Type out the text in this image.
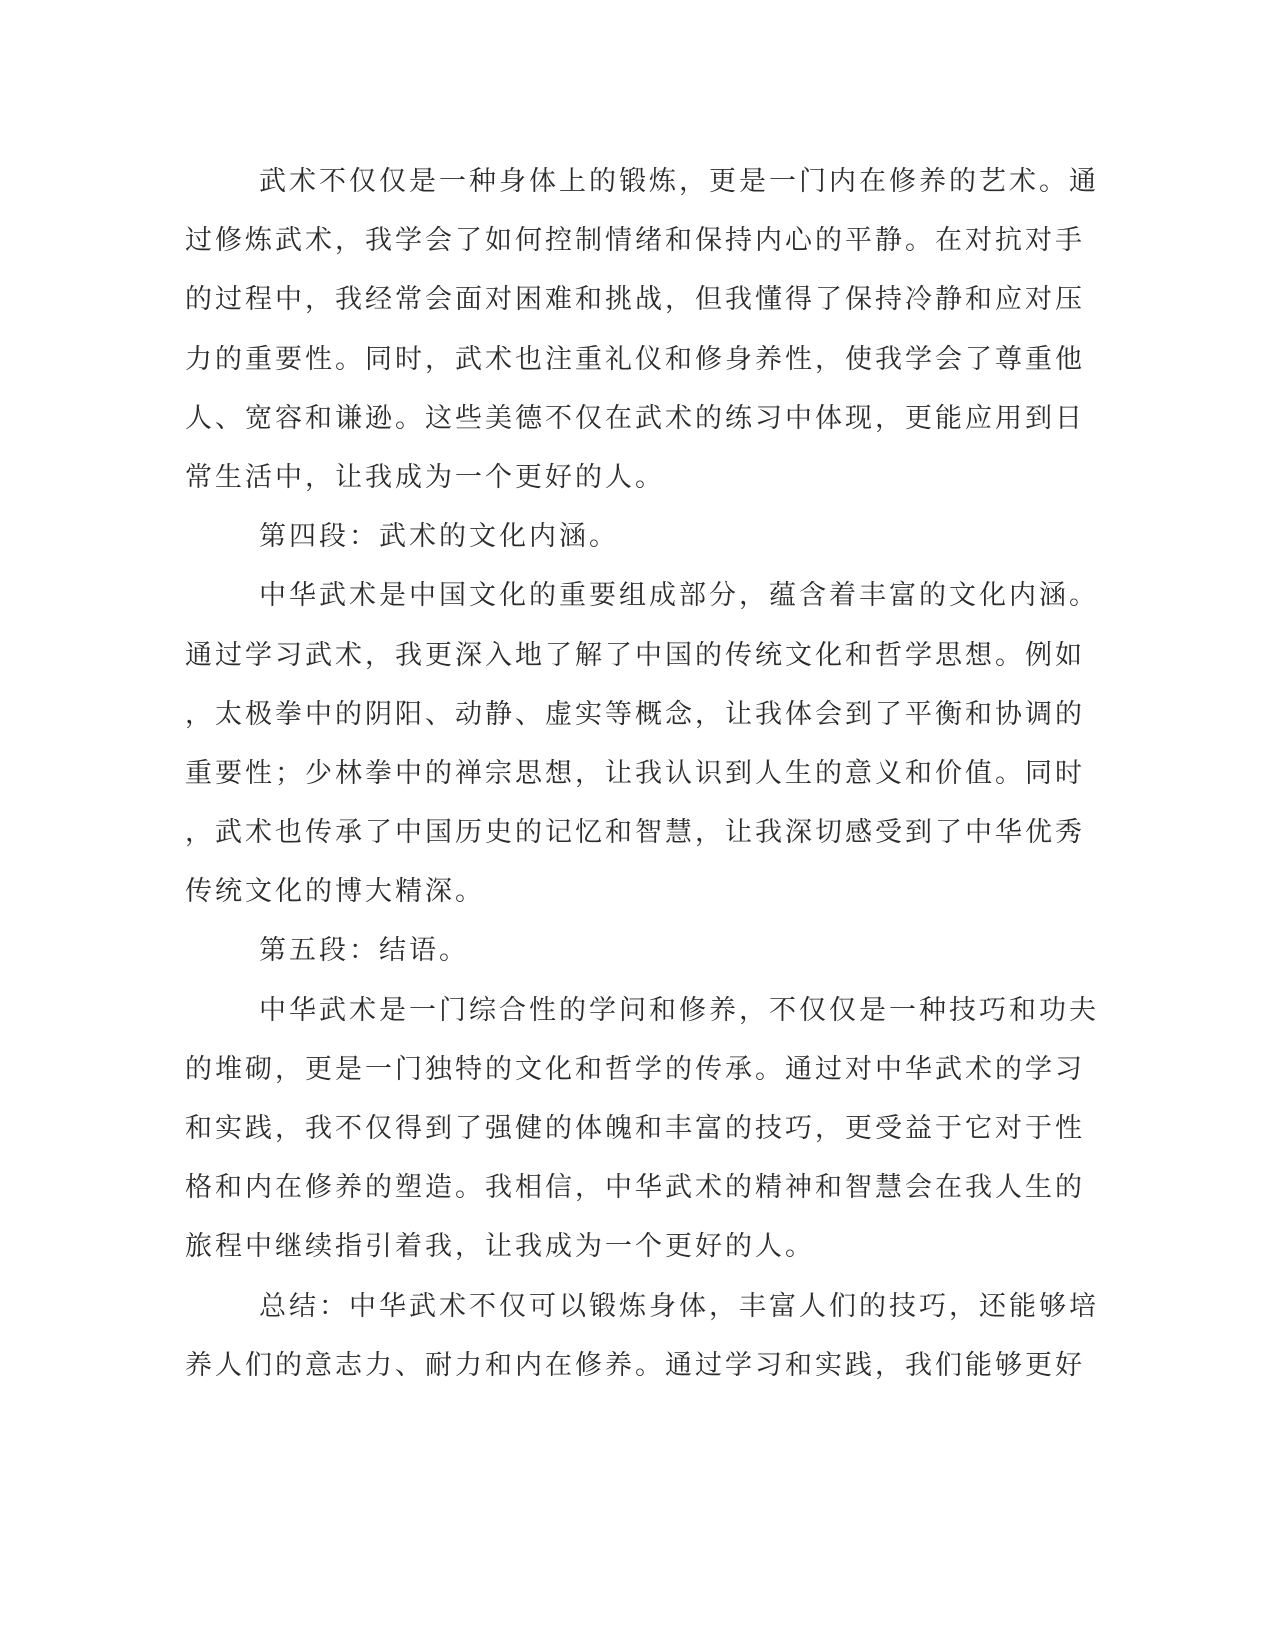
武术不仅仅是一种身体上的锻炼，更是一门内在修养的艺术。通
过修炼武术，我学会了如何控制情绪和保持内心的平静。在对抗对手
的过程中，我经常会面对困难和挑战，但我懂得了保持冷静和应对压
力的重要性。同时，武术也注重礼仪和修身养性，使我学会了尊重他
人、宽容和谦逊。这些美德不仅在武术的练习中体现，更能应用到日
常生活中，让我成为一个更好的人。
第四段：武术的文化内涵。
中华武术是中国文化的重要组成部分，蕴含着丰富的文化内涵。
通过学习武术，我更深入地了解了中国的传统文化和哲学思想。例如
，太极拳中的阴阳、动静、虚实等概念，让我体会到了平衡和协调的
重要性；少林拳中的禅宗思想，让我认识到人生的意义和价值。同时
，武术也传承了中国历史的记忆和智慧，让我深切感受到了中华优秀
传统文化的博大精深。
第五段：结语。
中华武术是一门综合性的学问和修养，不仅仅是一种技巧和功夫
的堆砌，更是一门独特的文化和哲学的传承。通过对中华武术的学习
和实践，我不仅得到了强健的体魄和丰富的技巧，更受益于它对于性
格和内在修养的塑造。我相信，中华武术的精神和智慧会在我人生的
旅程中继续指引着我，让我成为一个更好的人。
总结：中华武术不仅可以锻炼身体，丰富人们的技巧，还能够培
养人们的意志力、耐力和内在修养。通过学习和实践，我们能够更好
